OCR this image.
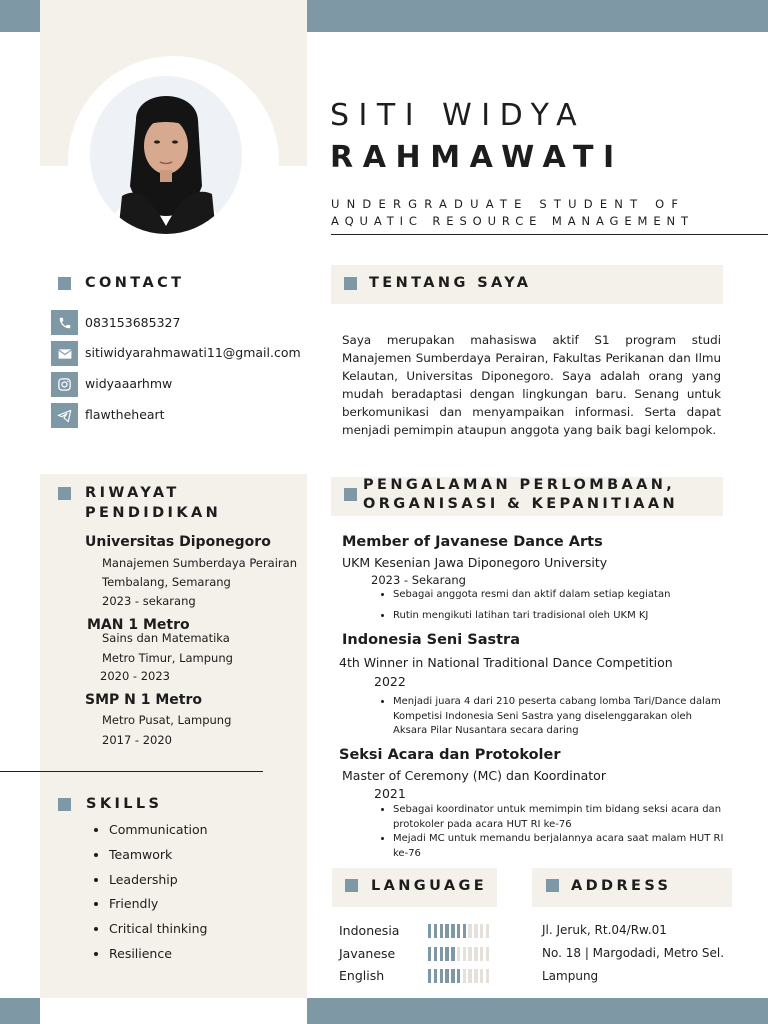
SITI WIDYA
RAHMAWATI
UNDERGRADUATE STUDENT OF
AQUATIC RESOURCE MANAGEMENT
CONTACT
083153685327
sitiwidyarahmawati11@gmail.com
widyaaarhmw
flawtheheart
RIWAYAT
PENDIDIKAN
Universitas Diponegoro
Manajemen Sumberdaya Perairan
Tembalang, Semarang
2023 - sekarang
MAN 1 Metro
Sains dan Matematika
Metro Timur, Lampung
2020 - 2023
SMP N 1 Metro
Metro Pusat, Lampung
2017 - 2020
SKILLS
• Communication
• Teamwork
• Leadership
• Friendly
• Critical thinking
• Resilience
TENTANG SAYA
Saya merupakan mahasiswa aktif S1 program studi Manajemen Sumberdaya Perairan, Fakultas Perikanan dan Ilmu Kelautan, Universitas Diponegoro. Saya adalah orang yang mudah beradaptasi dengan lingkungan baru. Senang untuk berkomunikasi dan menyampaikan informasi. Serta dapat menjadi pemimpin ataupun anggota yang baik bagi kelompok.
PENGALAMAN PERLOMBAAN,
ORGANISASI & KEPANITIAAN
Member of Javanese Dance Arts
UKM Kesenian Jawa Diponegoro University
2023 - Sekarang
• Sebagai anggota resmi dan aktif dalam setiap kegiatan
• Rutin mengikuti latihan tari tradisional oleh UKM KJ
Indonesia Seni Sastra
4th Winner in National Traditional Dance Competition
2022
• Menjadi juara 4 dari 210 peserta cabang lomba Tari/Dance dalam Kompetisi Indonesia Seni Sastra yang diselenggarakan oleh Aksara Pilar Nusantara secara daring
Seksi Acara dan Protokoler
Master of Ceremony (MC) dan Koordinator
2021
• Sebagai koordinator untuk memimpin tim bidang seksi acara dan protokoler pada acara HUT RI ke-76
• Mejadi MC untuk memandu berjalannya acara saat malam HUT RI ke-76
LANGUAGE
Indonesia
Javanese
English
ADDRESS
Jl. Jeruk, Rt.04/Rw.01
No. 18 | Margodadi, Metro Sel.
Lampung
